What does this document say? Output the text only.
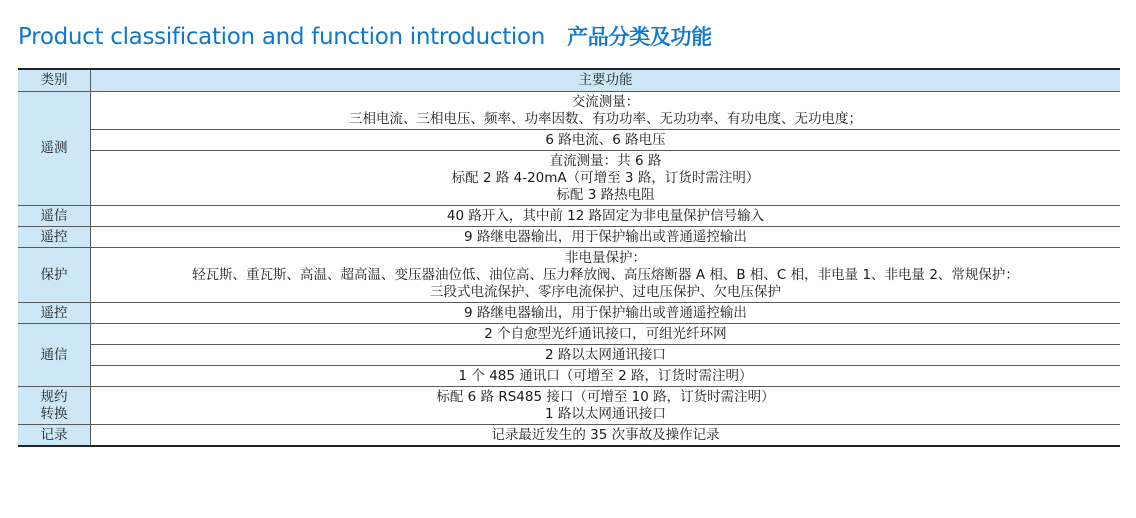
Product classification and function introduction 产品分类及功能
类别	主要功能
遥测	交流测量：
三相电流、三相电压、频率、功率因数、有功功率、无功功率、有功电度、无功电度；

	6 路电流、6 路电压

	直流测量：共 6 路
标配 2 路 4-20mA（可增至 3 路，订货时需注明）
标配 3 路热电阻

遥信	40 路开入，其中前 12 路固定为非电量保护信号输入

遥控	9 路继电器输出，用于保护输出或普通遥控输出

保护	非电量保护：
轻瓦斯、重瓦斯、高温、超高温、变压器油位低、油位高、压力释放阀、高压熔断器 A 相、B 相、C 相，非电量 1、非电量 2、常规保护：
三段式电流保护、零序电流保护、过电压保护、欠电压保护

遥控	9 路继电器输出，用于保护输出或普通遥控输出

通信	2 个自愈型光纤通讯接口，可组光纤环网

	2 路以太网通讯接口

	1 个 485 通讯口（可增至 2 路，订货时需注明）

规约
转换	标配 6 路 RS485 接口（可增至 10 路，订货时需注明）
1 路以太网通讯接口

记录	记录最近发生的 35 次事故及操作记录
